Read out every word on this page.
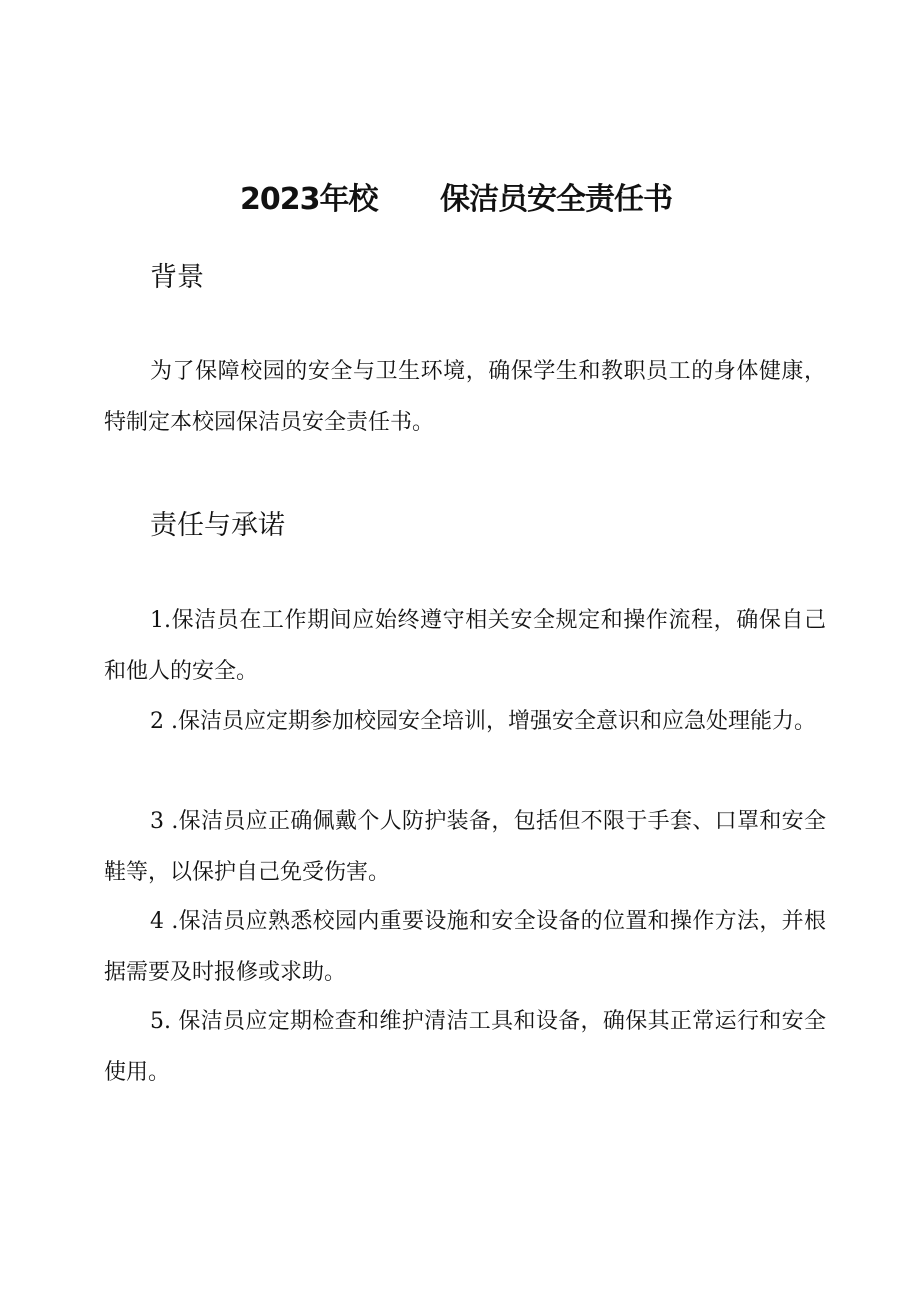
2023年校 保洁员安全责任书
背景

为了保障校园的安全与卫生环境，确保学生和教职员工的身体健康，特制定本校园保洁员安全责任书。

责任与承诺

1.保洁员在工作期间应始终遵守相关安全规定和操作流程，确保自己和他人的安全。

2 .保洁员应定期参加校园安全培训，增强安全意识和应急处理能力。

3 .保洁员应正确佩戴个人防护装备，包括但不限于手套、口罩和安全鞋等，以保护自己免受伤害。

4 .保洁员应熟悉校园内重要设施和安全设备的位置和操作方法，并根据需要及时报修或求助。

5. 保洁员应定期检查和维护清洁工具和设备，确保其正常运行和安全使用。
